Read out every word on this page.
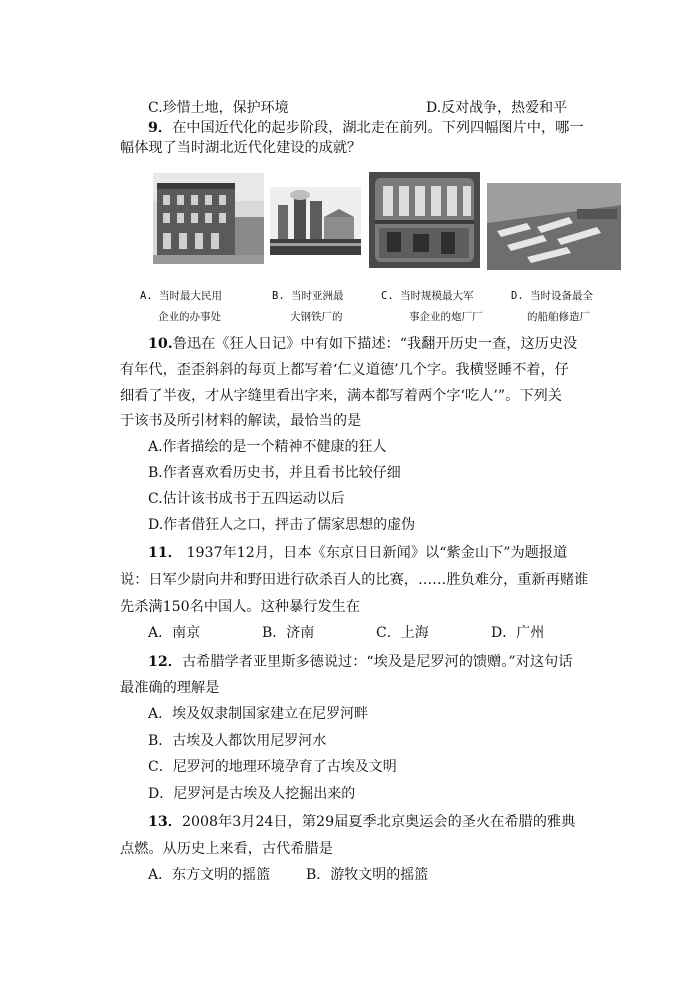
C.珍惜土地，保护环境	D.反对战争，热爱和平
9．在中国近代化的起步阶段，湖北走在前列。下列四幅图片中，哪一
幅体现了当时湖北近代化建设的成就？
A. 当时最大民用
企业的办事处
B. 当时亚洲最
大钢铁厂的
C. 当时规模最大军
事企业的炮厂厂
D. 当时设备最全
的船舶修造厂
10.鲁迅在《狂人日记》中有如下描述：“我翻开历史一查，这历史没
有年代，歪歪斜斜的每页上都写着‘仁义道德’几个字。我横竖睡不着，仔
细看了半夜，才从字缝里看出字来，满本都写着两个字‘吃人’”。下列关
于该书及所引材料的解读，最恰当的是
A.作者描绘的是一个精神不健康的狂人
B.作者喜欢看历史书，并且看书比较仔细
C.估计该书成书于五四运动以后
D.作者借狂人之口，抨击了儒家思想的虚伪
11． 1937年12月，日本《东京日日新闻》以“紫金山下”为题报道
说：日军少尉向井和野田进行砍杀百人的比赛，……胜负难分，重新再赌谁
先杀满150名中国人。这种暴行发生在
A．南京	B．济南	C．上海	D．广州
12．古希腊学者亚里斯多德说过：“埃及是尼罗河的馈赠。”对这句话
最准确的理解是
A．埃及奴隶制国家建立在尼罗河畔
B．古埃及人都饮用尼罗河水
C．尼罗河的地理环境孕育了古埃及文明
D．尼罗河是古埃及人挖掘出来的
13．2008年3月24日，第29届夏季北京奥运会的圣火在希腊的雅典
点燃。从历史上来看，古代希腊是
A．东方文明的摇篮	B．游牧文明的摇篮
